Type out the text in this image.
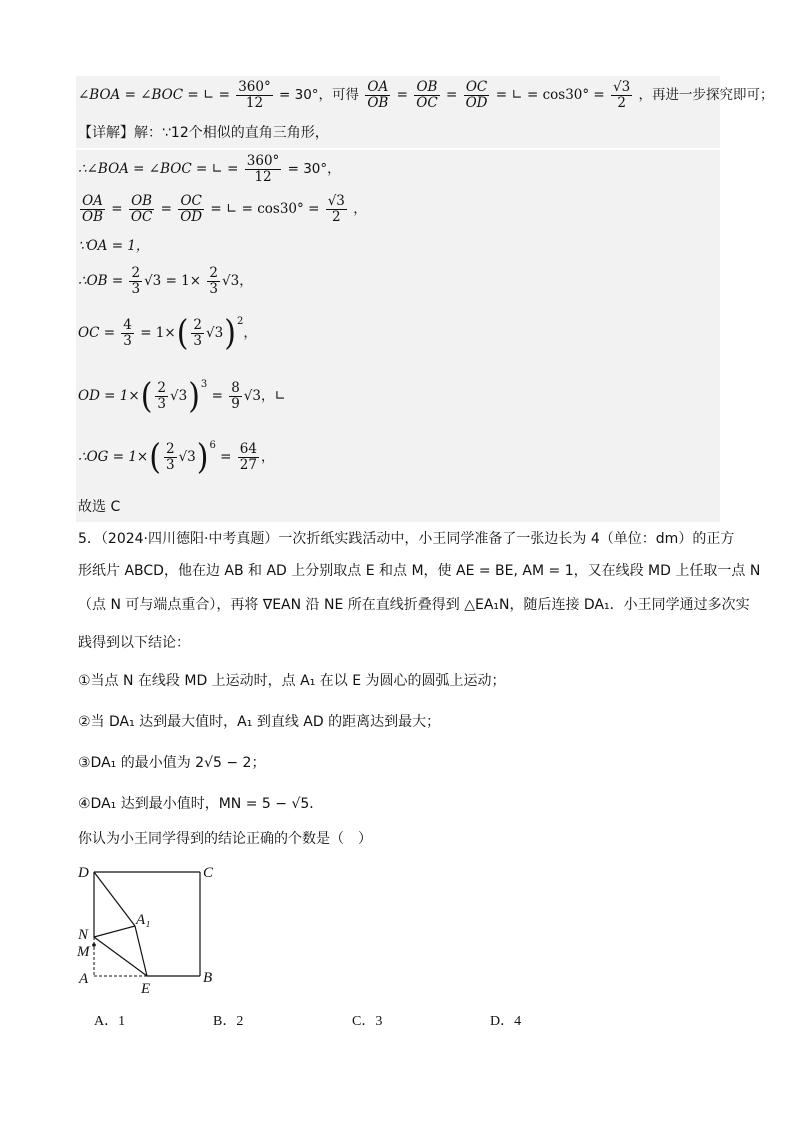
∠BOA = ∠BOC = ∟ = $\frac{360^\circ}{12} = 30^\circ$，可得 $\frac{OA}{OB} = \frac{OB}{OC} = \frac{OC}{OD}$ = ∟ = $\cos 30^\circ = \frac{√3}{2}$ ，再进一步探究即可；
【详解】解：∵12个相似的直角三角形，
∴∠BOA = ∠BOC = ∟ = $\frac{360^\circ}{12} = 30^\circ$，
$\frac{OA}{OB} = \frac{OB}{OC} = \frac{OC}{OD}$ = ∟ = $\cos 30^\circ = \frac{√3}{2}$ ，
∵OA = 1，
∴OB = $\frac{2}{3} √3 = 1\times \frac{2}{3} √3$，
OC = $\frac{4}{3} = 1\times( \frac{2}{3} √3)^2$，
OD = $1\times( \frac{2}{3} √3)^3 = \frac{8}{9} √3$，∟
∴OG = $1\times( \frac{2}{3} √3)^6 = \frac{64}{27}$ ，
故选 C
5．（2024·四川德阳·中考真题）一次折纸实践活动中，小王同学准备了一张边长为 4（单位：dm）的正方
形纸片 ABCD，他在边 AB 和 AD 上分别取点 E 和点 M，使 AE = BE, AM = 1，又在线段 MD 上任取一点 N
（点 N 可与端点重合），再将 ∇EAN 沿 NE 所在直线折叠得到 △EA₁N，随后连接 DA₁．小王同学通过多次实
践得到以下结论：
①当点 N 在线段 MD 上运动时，点 A₁ 在以 E 为圆心的圆弧上运动；
②当 DA₁ 达到最大值时，A₁ 到直线 AD 的距离达到最大；
③DA₁ 的最小值为 2√5 − 2；
④DA₁ 达到最小值时，MN = 5 − √5．
你认为小王同学得到的结论正确的个数是（　）
D	C
N
M
A
E
B
A₁
A．1	B．2	C．3	D．4
